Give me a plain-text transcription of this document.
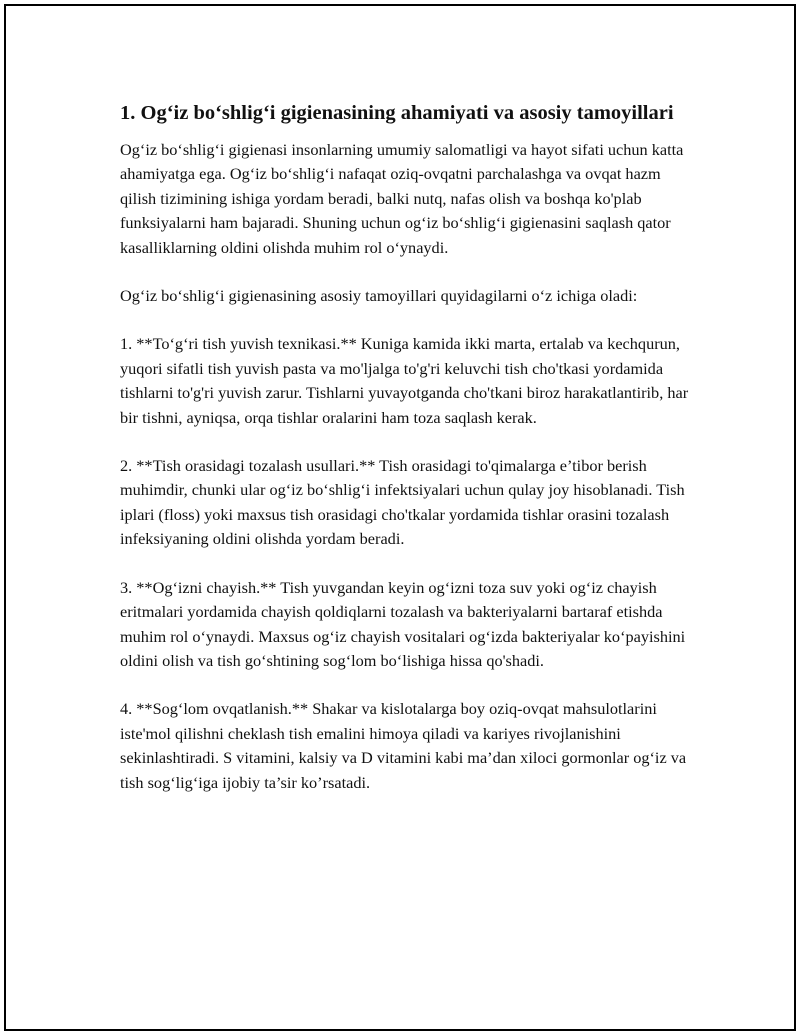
1. Og‘iz bo‘shlig‘i gigienasining ahamiyati va asosiy tamoyillari

Og‘iz bo‘shlig‘i gigienasi insonlarning umumiy salomatligi va hayot sifati uchun katta ahamiyatga ega. Og‘iz bo‘shlig‘i nafaqat oziq-ovqatni parchalashga va ovqat hazm qilish tizimining ishiga yordam beradi, balki nutq, nafas olish va boshqa ko'plab funksiyalarni ham bajaradi. Shuning uchun og‘iz bo‘shlig‘i gigienasini saqlash qator kasalliklarning oldini olishda muhim rol o‘ynaydi.

Og‘iz bo‘shlig‘i gigienasining asosiy tamoyillari quyidagilarni o‘z ichiga oladi:

1. **To‘g‘ri tish yuvish texnikasi.** Kuniga kamida ikki marta, ertalab va kechqurun, yuqori sifatli tish yuvish pasta va mo'ljalga to'g'ri keluvchi tish cho'tkasi yordamida tishlarni to'g'ri yuvish zarur. Tishlarni yuvayotganda cho'tkani biroz harakatlantirib, har bir tishni, ayniqsa, orqa tishlar oralarini ham toza saqlash kerak.

2. **Tish orasidagi tozalash usullari.** Tish orasidagi to'qimalarga e’tibor berish muhimdir, chunki ular og‘iz bo‘shlig‘i infektsiyalari uchun qulay joy hisoblanadi. Tish iplari (floss) yoki maxsus tish orasidagi cho'tkalar yordamida tishlar orasini tozalash infeksiyaning oldini olishda yordam beradi.

3. **Og‘izni chayish.** Tish yuvgandan keyin og‘izni toza suv yoki og‘iz chayish eritmalari yordamida chayish qoldiqlarni tozalash va bakteriyalarni bartaraf etishda muhim rol o‘ynaydi. Maxsus og‘iz chayish vositalari og‘izda bakteriyalar ko‘payishini oldini olish va tish go‘shtining sog‘lom bo‘lishiga hissa qo'shadi.

4. **Sog‘lom ovqatlanish.** Shakar va kislotalarga boy oziq-ovqat mahsulotlarini iste'mol qilishni cheklash tish emalini himoya qiladi va kariyes rivojlanishini sekinlashtiradi. S vitamini, kalsiy va D vitamini kabi ma’dan xiloci gormonlar og‘iz va tish sog‘lig‘iga ijobiy ta’sir ko’rsatadi.
